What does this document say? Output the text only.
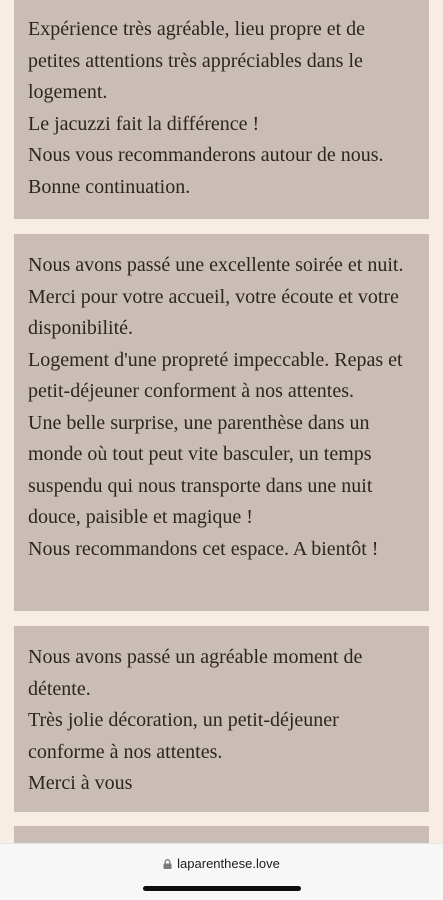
Expérience très agréable, lieu propre et de petites attentions très appréciables dans le logement.
Le jacuzzi fait la différence !
Nous vous recommanderons autour de nous.
Bonne continuation.

Nous avons passé une excellente soirée et nuit.
Merci pour votre accueil, votre écoute et votre disponibilité.
Logement d'une propreté impeccable. Repas et petit-déjeuner conforment à nos attentes.
Une belle surprise, une parenthèse dans un monde où tout peut vite basculer, un temps suspendu qui nous transporte dans une nuit douce, paisible et magique !
Nous recommandons cet espace. A bientôt !

Nous avons passé un agréable moment de détente.
Très jolie décoration, un petit-déjeuner conforme à nos attentes.
Merci à vous

laparenthese.love
